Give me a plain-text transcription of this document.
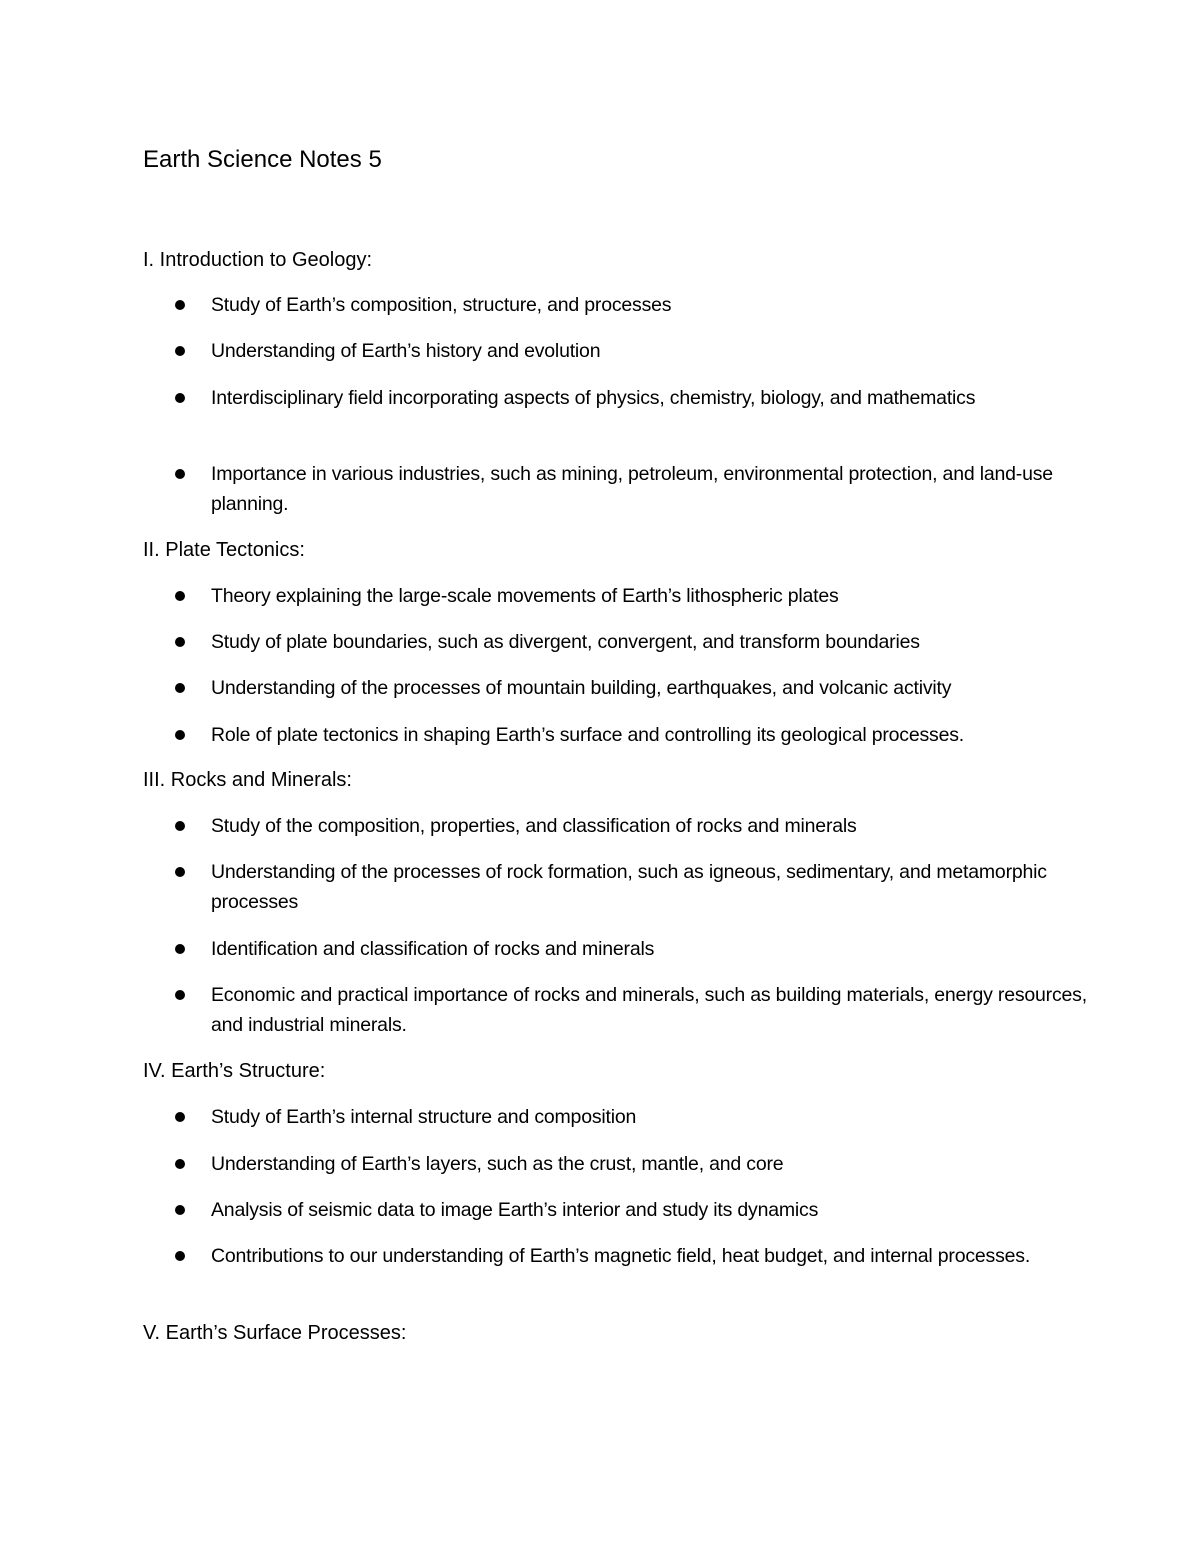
Earth Science Notes 5
I. Introduction to Geology:
Study of Earth’s composition, structure, and processes
Understanding of Earth’s history and evolution
Interdisciplinary field incorporating aspects of physics, chemistry, biology, and mathematics
Importance in various industries, such as mining, petroleum, environmental protection, and land-use planning.
II. Plate Tectonics:
Theory explaining the large-scale movements of Earth’s lithospheric plates
Study of plate boundaries, such as divergent, convergent, and transform boundaries
Understanding of the processes of mountain building, earthquakes, and volcanic activity
Role of plate tectonics in shaping Earth’s surface and controlling its geological processes.
III. Rocks and Minerals:
Study of the composition, properties, and classification of rocks and minerals
Understanding of the processes of rock formation, such as igneous, sedimentary, and metamorphic processes
Identification and classification of rocks and minerals
Economic and practical importance of rocks and minerals, such as building materials, energy resources, and industrial minerals.
IV. Earth’s Structure:
Study of Earth’s internal structure and composition
Understanding of Earth’s layers, such as the crust, mantle, and core
Analysis of seismic data to image Earth’s interior and study its dynamics
Contributions to our understanding of Earth’s magnetic field, heat budget, and internal processes.
V. Earth’s Surface Processes:
